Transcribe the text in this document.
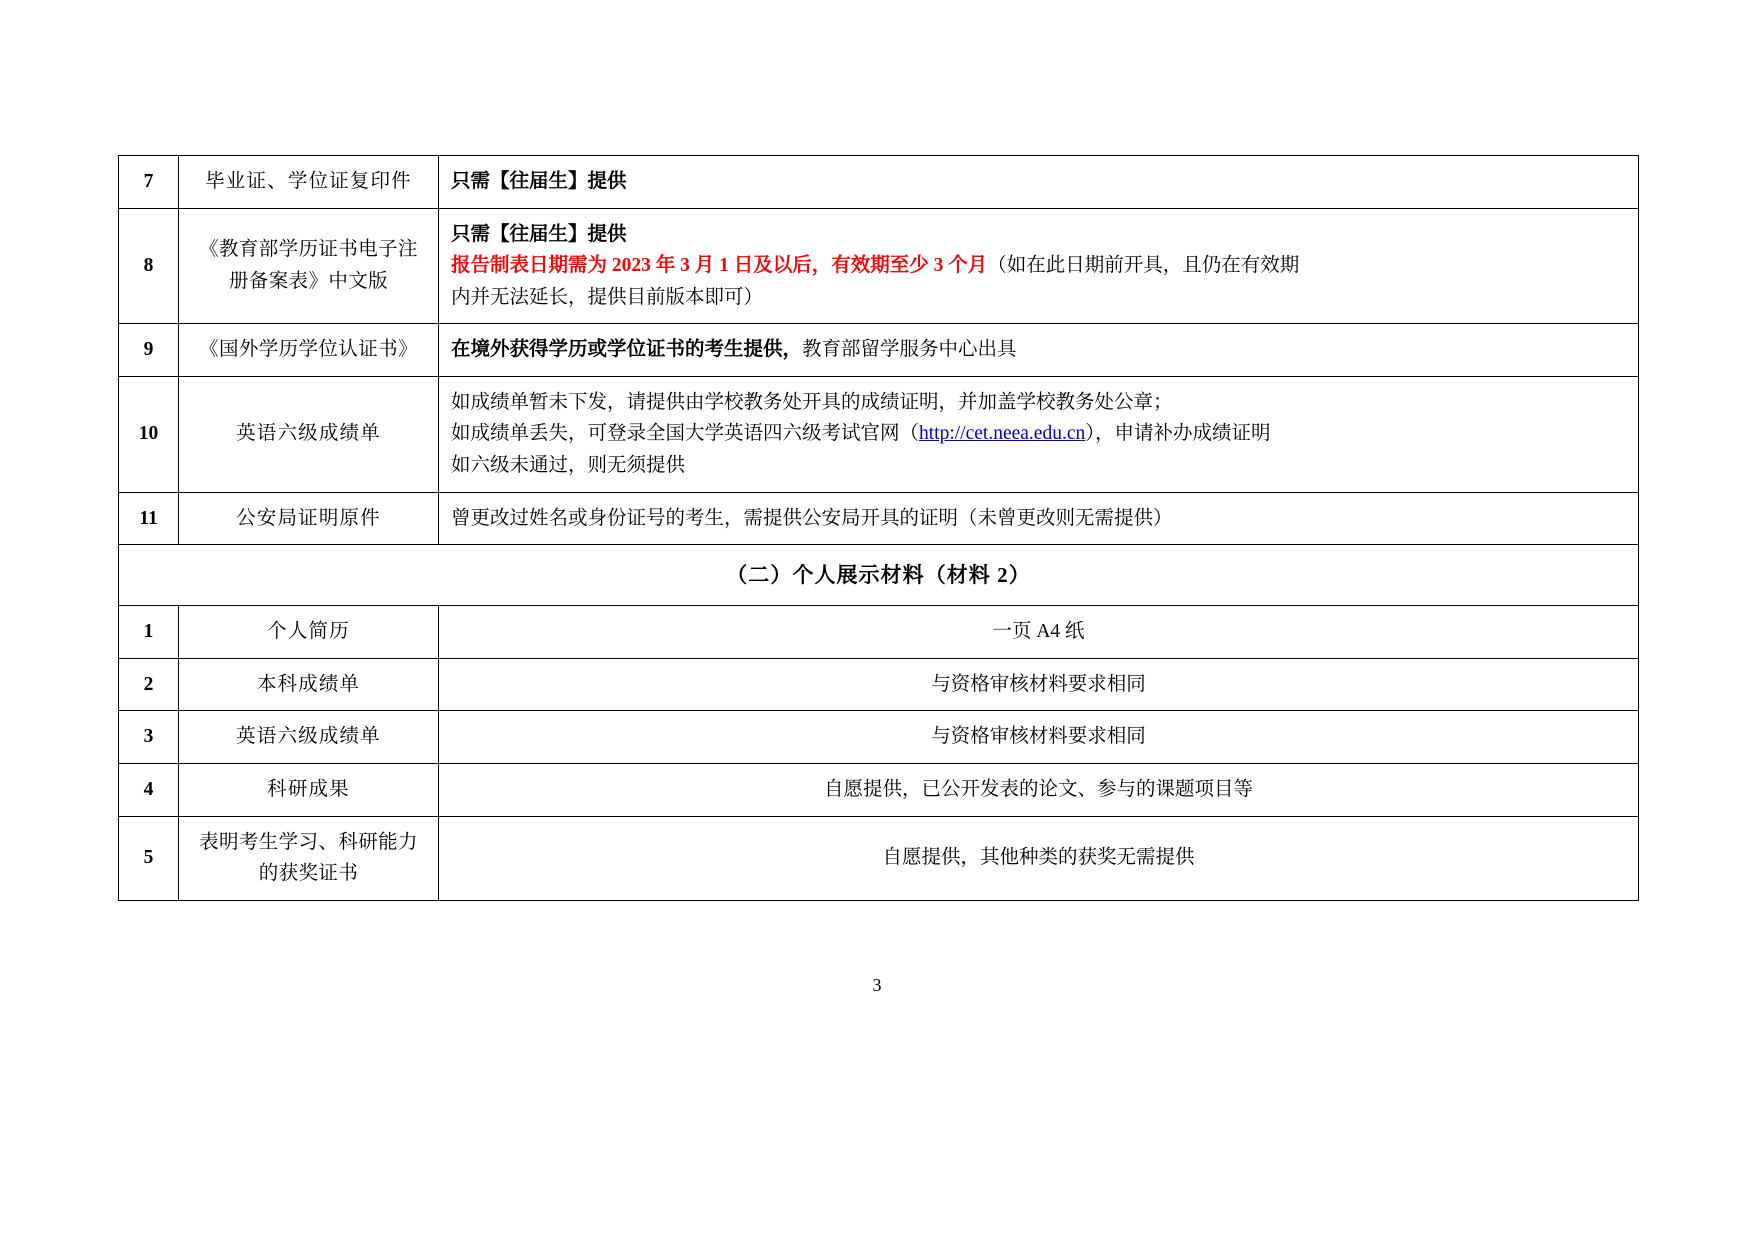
7	毕业证、学位证复印件	只需【往届生】提供

8	《教育部学历证书电子注册备案表》中文版	只需【往届生】提供
报告制表日期需为 2023 年 3 月 1 日及以后，有效期至少 3 个月（如在此日期前开具，且仍在有效期
内并无法延长，提供目前版本即可）

9	《国外学历学位认证书》	在境外获得学历或学位证书的考生提供，教育部留学服务中心出具

10	英语六级成绩单	如成绩单暂未下发，请提供由学校教务处开具的成绩证明，并加盖学校教务处公章；
如成绩单丢失，可登录全国大学英语四六级考试官网（http://cet.neea.edu.cn），申请补办成绩证明
如六级未通过，则无须提供

11	公安局证明原件	曾更改过姓名或身份证号的考生，需提供公安局开具的证明（未曾更改则无需提供）

（二）个人展示材料（材料 2）		
1	个人简历	一页 A4 纸

2	本科成绩单	与资格审核材料要求相同

3	英语六级成绩单	与资格审核材料要求相同

4	科研成果	自愿提供，已公开发表的论文、参与的课题项目等

5	表明考生学习、科研能力的获奖证书	自愿提供，其他种类的获奖无需提供
3
